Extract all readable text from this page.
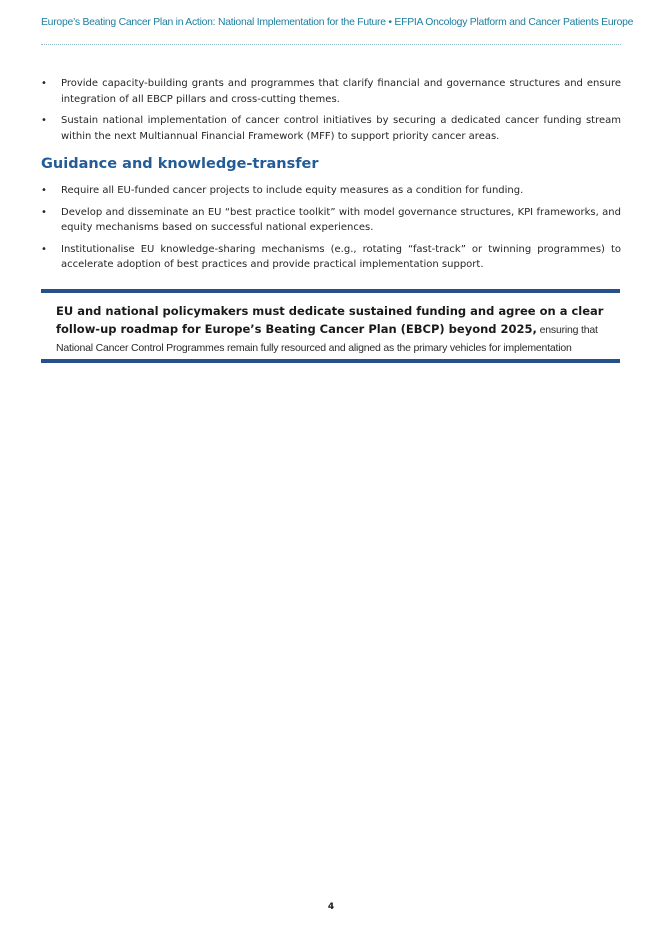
Europe’s Beating Cancer Plan in Action: National Implementation for the Future • EFPIA Oncology Platform and Cancer Patients Europe
• Provide capacity-building grants and programmes that clarify financial and governance structures and ensure integration of all EBCP pillars and cross-cutting themes.
• Sustain national implementation of cancer control initiatives by securing a dedicated cancer funding stream within the next Multiannual Financial Framework (MFF) to support priority cancer areas.
Guidance and knowledge-transfer
• Require all EU-funded cancer projects to include equity measures as a condition for funding.
• Develop and disseminate an EU “best practice toolkit” with model governance structures, KPI frameworks, and equity mechanisms based on successful national experiences.
• Institutionalise EU knowledge-sharing mechanisms (e.g., rotating “fast-track” or twinning programmes) to accelerate adoption of best practices and provide practical implementation support.
EU and national policymakers must dedicate sustained funding and agree on a clear follow-up roadmap for Europe’s Beating Cancer Plan (EBCP) beyond 2025, ensuring that National Cancer Control Programmes remain fully resourced and aligned as the primary vehicles for implementation
4
